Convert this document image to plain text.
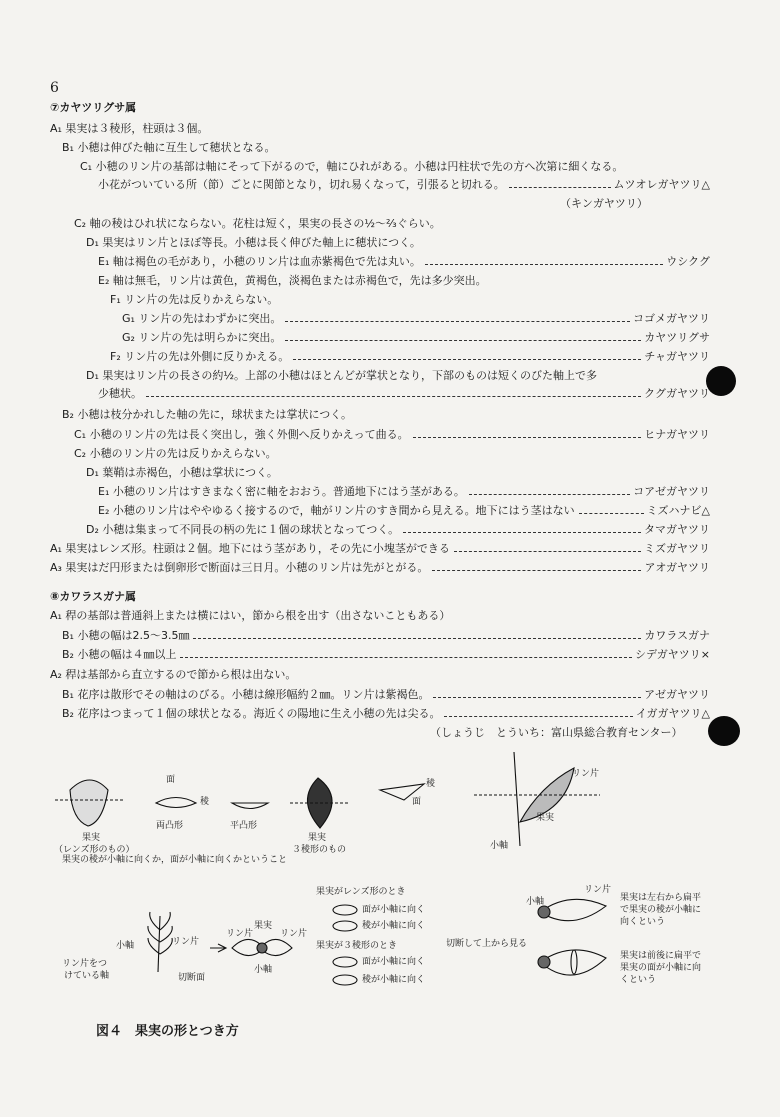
6
⑦カヤツリグサ属
A₁ 果実は３稜形，柱頭は３個。
B₁ 小穂は伸びた軸に互生して穂状となる。
C₁ 小穂のリン片の基部は軸にそって下がるので，軸にひれがある。小穂は円柱状で先の方へ次第に細くなる。
小花がついている所（節）ごとに関節となり，切れ易くなって，引張ると切れる。	ムツオレガヤツリ△
（キンガヤツリ）
C₂ 軸の稜はひれ状にならない。花柱は短く，果実の長さの½～⅔ぐらい。
D₁ 果実はリン片とほぼ等長。小穂は長く伸びた軸上に穂状につく。
E₁ 軸は褐色の毛があり，小穂のリン片は血赤紫褐色で先は丸い。	ウシクグ
E₂ 軸は無毛，リン片は黄色，黄褐色，淡褐色または赤褐色で，先は多少突出。
F₁ リン片の先は反りかえらない。
G₁ リン片の先はわずかに突出。	コゴメガヤツリ
G₂ リン片の先は明らかに突出。	カヤツリグサ
F₂ リン片の先は外側に反りかえる。	チャガヤツリ
D₁ 果実はリン片の長さの約½。上部の小穂はほとんどが掌状となり，下部のものは短くのびた軸上で多
少穂状。	クグガヤツリ
B₂ 小穂は枝分かれした軸の先に，球状または掌状につく。
C₁ 小穂のリン片の先は長く突出し，強く外側へ反りかえって曲る。	ヒナガヤツリ
C₂ 小穂のリン片の先は反りかえらない。
D₁ 葉鞘は赤褐色，小穂は掌状につく。
E₁ 小穂のリン片はすきまなく密に軸をおおう。普通地下にはう茎がある。	コアゼガヤツリ
E₂ 小穂のリン片はややゆるく接するので，軸がリン片のすき間から見える。地下にはう茎はない	ミズハナビ△
D₂ 小穂は集まって不同長の柄の先に１個の球状となってつく。	タマガヤツリ
A₁ 果実はレンズ形。柱頭は２個。地下にはう茎があり，その先に小塊茎ができる	ミズガヤツリ
A₃ 果実はだ円形または倒卵形で断面は三日月。小穂のリン片は先がとがる。	アオガヤツリ
⑧カワラスガナ属
A₁ 稈の基部は普通斜上または横にはい，節から根を出す（出さないこともある）
B₁ 小穂の幅は2.5～3.5㎜	カワラスガナ
B₂ 小穂の幅は４㎜以上	シデガヤツリ×
A₂ 稈は基部から直立するので節から根は出ない。
B₁ 花序は散形でその軸はのびる。小穂は線形幅約２㎜。リン片は紫褐色。	アゼガヤツリ
B₂ 花序はつまって１個の球状となる。海近くの陽地に生え小穂の先は尖る。	イガガヤツリ△
（しょうじ　とういち：富山県総合教育センター）
果実
（レンズ形のもの）
面
稜
両凸形	平凸形
果実
３稜形のもの
稜
面
リン片
果実
小軸
果実の稜が小軸に向くか，面が小軸に向くかということ
小軸	リン片
リン片をつ
けている軸	切断面
果実
リン片	リン片
小軸
果実がレンズ形のとき
面が小軸に向く
稜が小軸に向く
果実が３稜形のとき
面が小軸に向く
稜が小軸に向く
切断して上から見る
小軸
リン片
果実は左右から扁平
で果実の稜が小軸に
向くという
果実は前後に扁平で
果実の面が小軸に向
くという
図４　果実の形とつき方
